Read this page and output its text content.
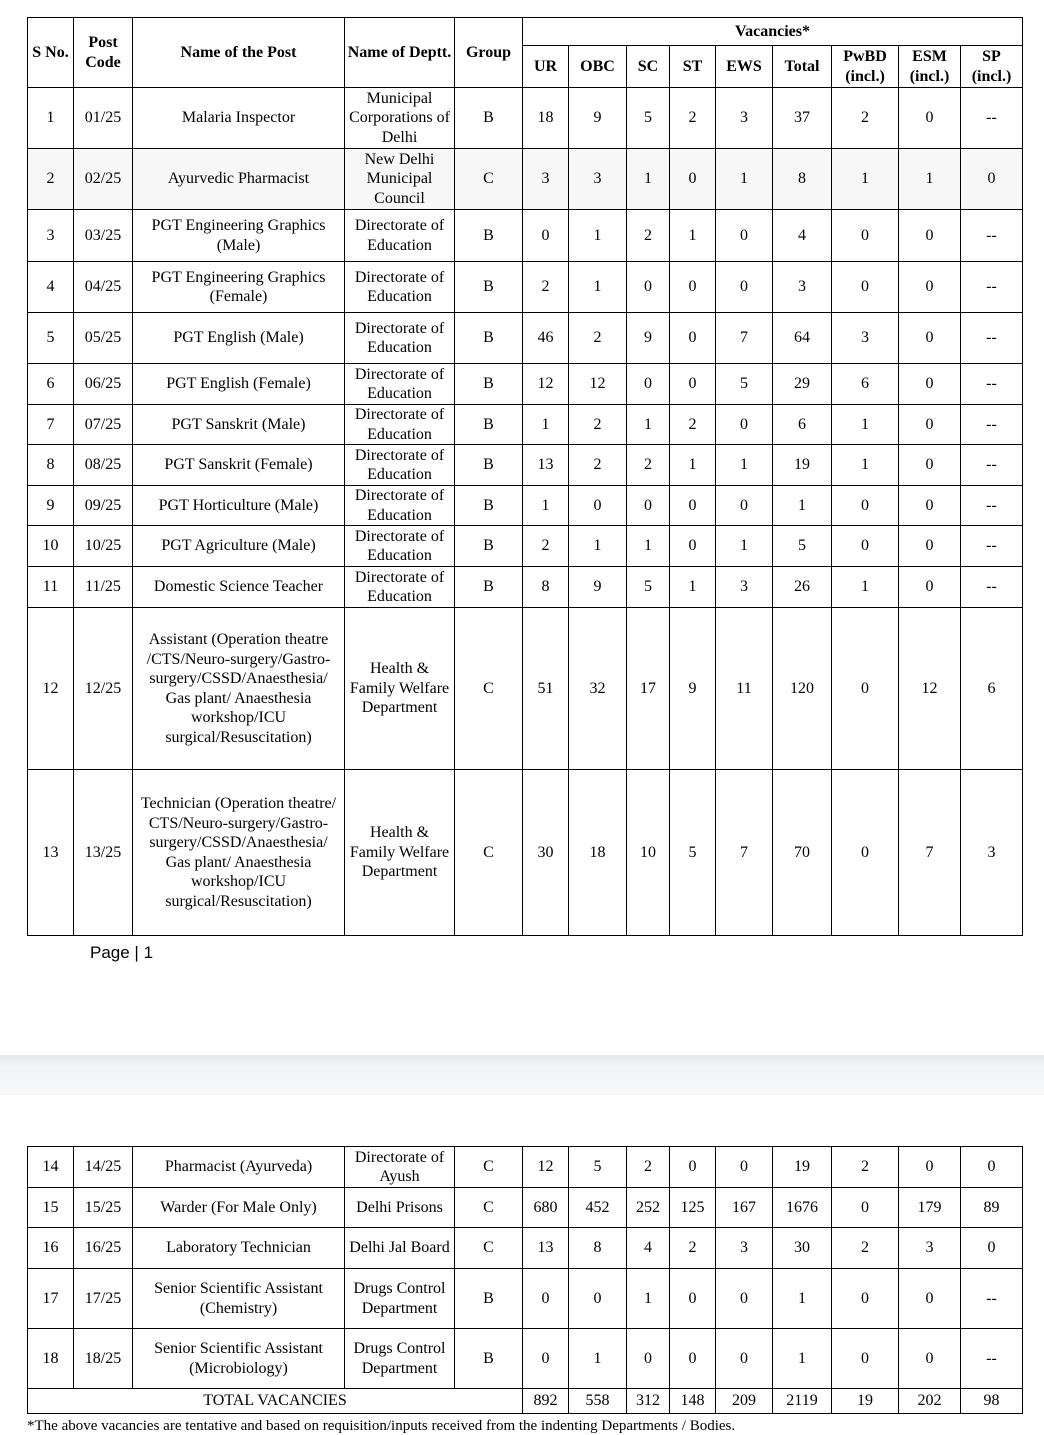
S No.	Post Code	Name of the Post	Name of Deptt.	Group	Vacancies*								
					UR	OBC	SC	ST	EWS	Total	PwBD (incl.)	ESM (incl.)	SP (incl.)
1	01/25	Malaria Inspector	Municipal Corporations of Delhi	B	18	9	5	2	3	37	2	0	--
2	02/25	Ayurvedic Pharmacist	New Delhi Municipal Council	C	3	3	1	0	1	8	1	1	0
3	03/25	PGT Engineering Graphics (Male)	Directorate of Education	B	0	1	2	1	0	4	0	0	--
4	04/25	PGT Engineering Graphics (Female)	Directorate of Education	B	2	1	0	0	0	3	0	0	--
5	05/25	PGT English (Male)	Directorate of Education	B	46	2	9	0	7	64	3	0	--
6	06/25	PGT English (Female)	Directorate of Education	B	12	12	0	0	5	29	6	0	--
7	07/25	PGT Sanskrit (Male)	Directorate of Education	B	1	2	1	2	0	6	1	0	--
8	08/25	PGT Sanskrit (Female)	Directorate of Education	B	13	2	2	1	1	19	1	0	--
9	09/25	PGT Horticulture (Male)	Directorate of Education	B	1	0	0	0	0	1	0	0	--
10	10/25	PGT Agriculture (Male)	Directorate of Education	B	2	1	1	0	1	5	0	0	--
11	11/25	Domestic Science Teacher	Directorate of Education	B	8	9	5	1	3	26	1	0	--
12	12/25	Assistant (Operation theatre /CTS/Neuro-surgery/Gastro-surgery/CSSD/Anaesthesia/ Gas plant/ Anaesthesia workshop/ICU surgical/Resuscitation)	Health & Family Welfare Department	C	51	32	17	9	11	120	0	12	6
13	13/25	Technician (Operation theatre/ CTS/Neuro-surgery/Gastro-surgery/CSSD/Anaesthesia/ Gas plant/ Anaesthesia workshop/ICU surgical/Resuscitation)	Health & Family Welfare Department	C	30	18	10	5	7	70	0	7	3
Page | 1
14	14/25	Pharmacist (Ayurveda)	Directorate of Ayush	C	12	5	2	0	0	19	2	0	0
15	15/25	Warder (For Male Only)	Delhi Prisons	C	680	452	252	125	167	1676	0	179	89
16	16/25	Laboratory Technician	Delhi Jal Board	C	13	8	4	2	3	30	2	3	0
17	17/25	Senior Scientific Assistant (Chemistry)	Drugs Control Department	B	0	0	1	0	0	1	0	0	--
18	18/25	Senior Scientific Assistant (Microbiology)	Drugs Control Department	B	0	1	0	0	0	1	0	0	--
TOTAL VACANCIES					892	558	312	148	209	2119	19	202	98
*The above vacancies are tentative and based on requisition/inputs received from the indenting Departments / Bodies.
